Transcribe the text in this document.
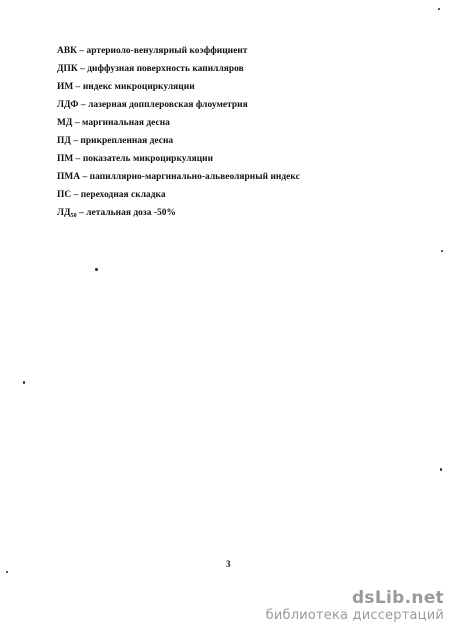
АВК – артериоло-венулярный коэффициент
ДПК – диффузная поверхность капилляров
ИМ – индекс микроциркуляции
ЛДФ – лазерная допплеровская флоуметрия
МД – маргинальная десна
ПД – прикрепленная десна
ПМ – показатель микроциркуляции
ПМА – папиллярно-маргинально-альвеолярный индекс
ПС – переходная складка
$ЛД_{50}$ – летальная доза -50%
3
dsLib.net
библиотека диссертаций
